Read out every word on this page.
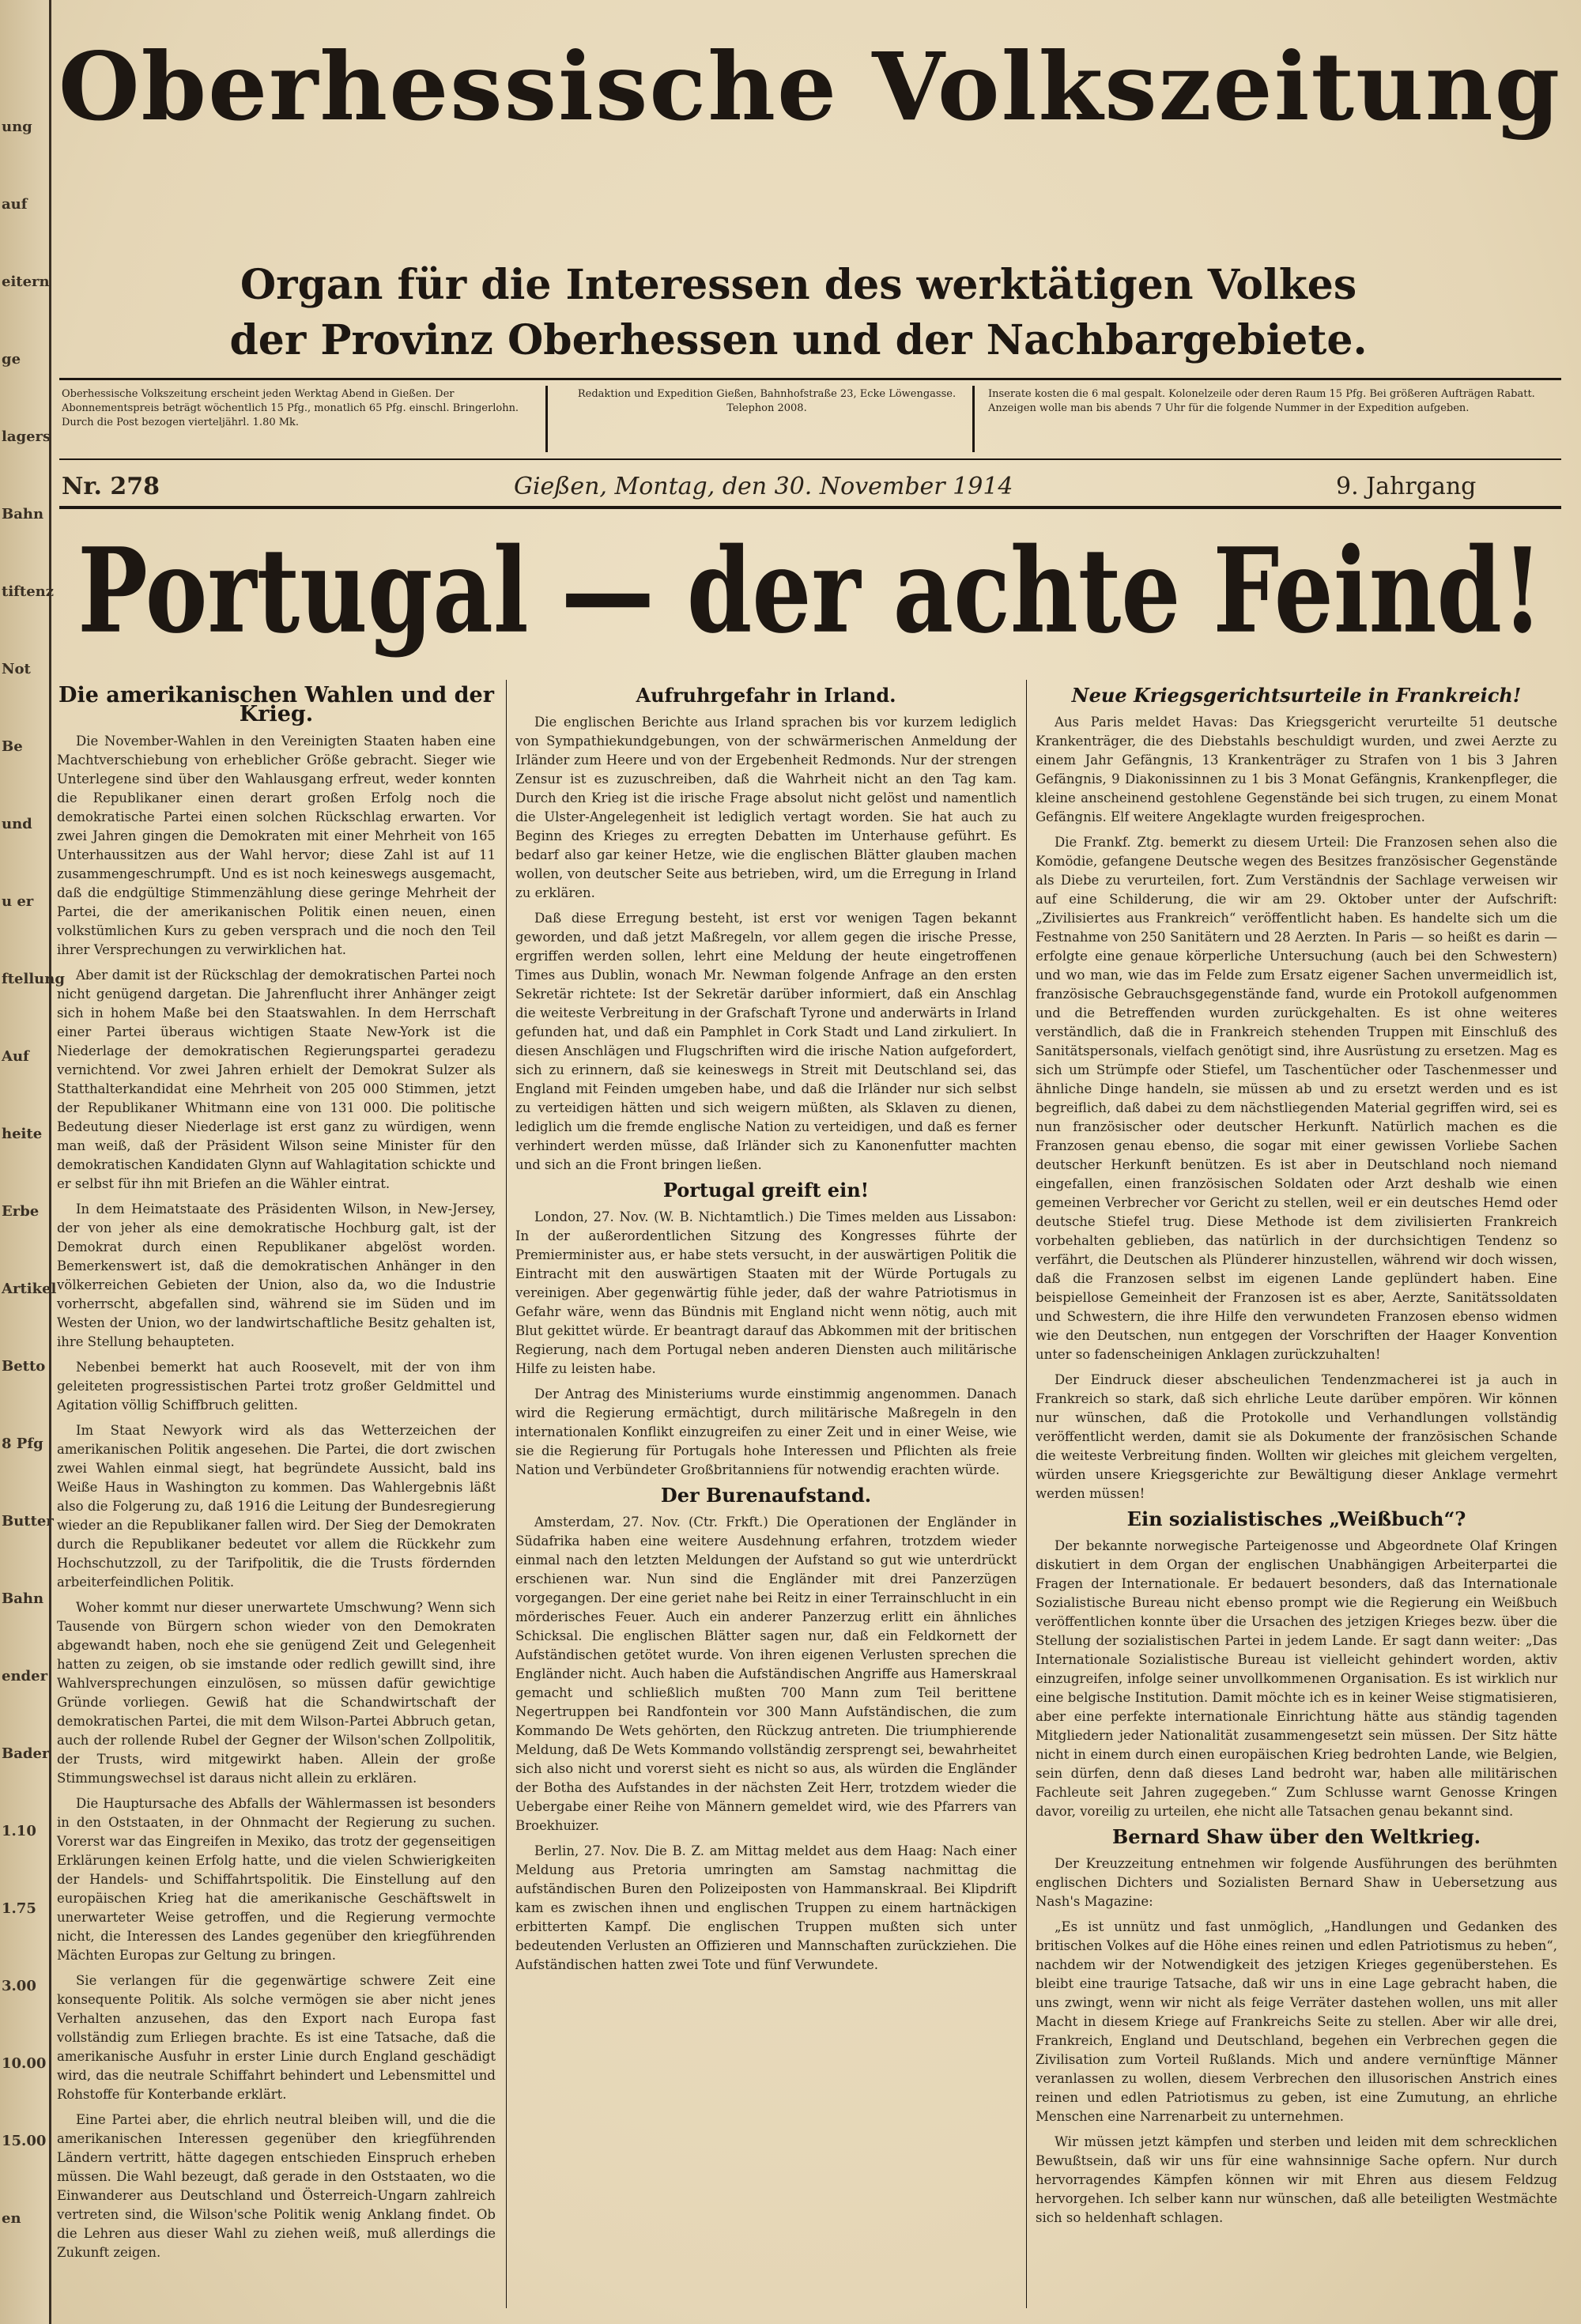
ung
auf
eitern
ge
lagers
Bahn
tiftenz
Not
Be
und
u er
ftellung
Auf
heite
Erbe
Artikel
Betto
8 Pfg
Butter
Bahn
ender
Bader
1.10
1.75
3.00
10.00
15.00
en
Oberhessische Volkszeitung
Organ für die Interessen des werktätigen Volkes
der Provinz Oberhessen und der Nachbargebiete.
Oberhessische Volkszeitung erscheint jeden Werktag Abend in Gießen. Der Abonnementspreis beträgt wöchentlich 15 Pfg., monatlich 65 Pfg. einschl. Bringerlohn. Durch die Post bezogen vierteljährl. 1.80 Mk.
Redaktion und Expedition Gießen, Bahnhofstraße 23, Ecke Löwengasse. Telephon 2008.
Inserate kosten die 6 mal gespalt. Kolonelzeile oder deren Raum 15 Pfg. Bei größeren Aufträgen Rabatt. Anzeigen wolle man bis abends 7 Uhr für die folgende Nummer in der Expedition aufgeben.
Nr. 278	Gießen, Montag, den 30. November 1914	9. Jahrgang
Portugal — der achte Feind!
Die amerikanischen Wahlen und der Krieg.

Die November-Wahlen in den Vereinigten Staaten haben eine Machtverschiebung von erheblicher Größe gebracht. Sieger wie Unterlegene sind über den Wahlausgang erfreut, weder konnten die Republikaner einen derart großen Erfolg noch die demokratische Partei einen solchen Rückschlag erwarten. Vor zwei Jahren gingen die Demokraten mit einer Mehrheit von 165 Unterhaussitzen aus der Wahl hervor; diese Zahl ist auf 11 zusammengeschrumpft. Und es ist noch keineswegs ausgemacht, daß die endgültige Stimmenzählung diese geringe Mehrheit der Partei, die der amerikanischen Politik einen neuen, einen volkstümlichen Kurs zu geben versprach und die noch den Teil ihrer Versprechungen zu verwirklichen hat.

Aber damit ist der Rückschlag der demokratischen Partei noch nicht genügend dargetan. Die Jahrenflucht ihrer Anhänger zeigt sich in hohem Maße bei den Staatswahlen. In dem Herrschaft einer Partei überaus wichtigen Staate New-York ist die Niederlage der demokratischen Regierungspartei geradezu vernichtend. Vor zwei Jahren erhielt der Demokrat Sulzer als Statthalterkandidat eine Mehrheit von 205 000 Stimmen, jetzt der Republikaner Whitmann eine von 131 000. Die politische Bedeutung dieser Niederlage ist erst ganz zu würdigen, wenn man weiß, daß der Präsident Wilson seine Minister für den demokratischen Kandidaten Glynn auf Wahlagitation schickte und er selbst für ihn mit Briefen an die Wähler eintrat.

In dem Heimatstaate des Präsidenten Wilson, in New-Jersey, der von jeher als eine demokratische Hochburg galt, ist der Demokrat durch einen Republikaner abgelöst worden. Bemerkenswert ist, daß die demokratischen Anhänger in den völkerreichen Gebieten der Union, also da, wo die Industrie vorherrscht, abgefallen sind, während sie im Süden und im Westen der Union, wo der landwirtschaftliche Besitz gehalten ist, ihre Stellung behaupteten.

Nebenbei bemerkt hat auch Roosevelt, mit der von ihm geleiteten progressistischen Partei trotz großer Geldmittel und Agitation völlig Schiffbruch gelitten.

Im Staat Newyork wird als das Wetterzeichen der amerikanischen Politik angesehen. Die Partei, die dort zwischen zwei Wahlen einmal siegt, hat begründete Aussicht, bald ins Weiße Haus in Washington zu kommen. Das Wahlergebnis läßt also die Folgerung zu, daß 1916 die Leitung der Bundesregierung wieder an die Republikaner fallen wird. Der Sieg der Demokraten durch die Republikaner bedeutet vor allem die Rückkehr zum Hochschutzzoll, zu der Tarifpolitik, die die Trusts fördernden arbeiterfeindlichen Politik.

Woher kommt nur dieser unerwartete Umschwung? Wenn sich Tausende von Bürgern schon wieder von den Demokraten abgewandt haben, noch ehe sie genügend Zeit und Gelegenheit hatten zu zeigen, ob sie imstande oder redlich gewillt sind, ihre Wahlversprechungen einzulösen, so müssen dafür gewichtige Gründe vorliegen. Gewiß hat die Schandwirtschaft der demokratischen Partei, die mit dem Wilson-Partei Abbruch getan, auch der rollende Rubel der Gegner der Wilson'schen Zollpolitik, der Trusts, wird mitgewirkt haben. Allein der große Stimmungswechsel ist daraus nicht allein zu erklären.

Die Hauptursache des Abfalls der Wählermassen ist besonders in den Oststaaten, in der Ohnmacht der Regierung zu suchen. Vorerst war das Eingreifen in Mexiko, das trotz der gegenseitigen Erklärungen keinen Erfolg hatte, und die vielen Schwierigkeiten der Handels- und Schiffahrtspolitik. Die Einstellung auf den europäischen Krieg hat die amerikanische Geschäftswelt in unerwarteter Weise getroffen, und die Regierung vermochte nicht, die Interessen des Landes gegenüber den kriegführenden Mächten Europas zur Geltung zu bringen.

Sie verlangen für die gegenwärtige schwere Zeit eine konsequente Politik. Als solche vermögen sie aber nicht jenes Verhalten anzusehen, das den Export nach Europa fast vollständig zum Erliegen brachte. Es ist eine Tatsache, daß die amerikanische Ausfuhr in erster Linie durch England geschädigt wird, das die neutrale Schiffahrt behindert und Lebensmittel und Rohstoffe für Konterbande erklärt.

Eine Partei aber, die ehrlich neutral bleiben will, und die die amerikanischen Interessen gegenüber den kriegführenden Ländern vertritt, hätte dagegen entschieden Einspruch erheben müssen. Die Wahl bezeugt, daß gerade in den Oststaaten, wo die Einwanderer aus Deutschland und Österreich-Ungarn zahlreich vertreten sind, die Wilson'sche Politik wenig Anklang findet. Ob die Lehren aus dieser Wahl zu ziehen weiß, muß allerdings die Zukunft zeigen.

Aufruhrgefahr in Irland.

Die englischen Berichte aus Irland sprachen bis vor kurzem lediglich von Sympathiekundgebungen, von der schwärmerischen Anmeldung der Irländer zum Heere und von der Ergebenheit Redmonds. Nur der strengen Zensur ist es zuzuschreiben, daß die Wahrheit nicht an den Tag kam. Durch den Krieg ist die irische Frage absolut nicht gelöst und namentlich die Ulster-Angelegenheit ist lediglich vertagt worden. Sie hat auch zu Beginn des Krieges zu erregten Debatten im Unterhause geführt. Es bedarf also gar keiner Hetze, wie die englischen Blätter glauben machen wollen, von deutscher Seite aus betrieben, wird, um die Erregung in Irland zu erklären.

Daß diese Erregung besteht, ist erst vor wenigen Tagen bekannt geworden, und daß jetzt Maßregeln, vor allem gegen die irische Presse, ergriffen werden sollen, lehrt eine Meldung der heute eingetroffenen Times aus Dublin, wonach Mr. Newman folgende Anfrage an den ersten Sekretär richtete: Ist der Sekretär darüber informiert, daß ein Anschlag die weiteste Verbreitung in der Grafschaft Tyrone und anderwärts in Irland gefunden hat, und daß ein Pamphlet in Cork Stadt und Land zirkuliert. In diesen Anschlägen und Flugschriften wird die irische Nation aufgefordert, sich zu erinnern, daß sie keineswegs in Streit mit Deutschland sei, das England mit Feinden umgeben habe, und daß die Irländer nur sich selbst zu verteidigen hätten und sich weigern müßten, als Sklaven zu dienen, lediglich um die fremde englische Nation zu verteidigen, und daß es ferner verhindert werden müsse, daß Irländer sich zu Kanonenfutter machten und sich an die Front bringen ließen.

Portugal greift ein!

London, 27. Nov. (W. B. Nichtamtlich.) Die Times melden aus Lissabon: In der außerordentlichen Sitzung des Kongresses führte der Premierminister aus, er habe stets versucht, in der auswärtigen Politik die Eintracht mit den auswärtigen Staaten mit der Würde Portugals zu vereinigen. Aber gegenwärtig fühle jeder, daß der wahre Patriotismus in Gefahr wäre, wenn das Bündnis mit England nicht wenn nötig, auch mit Blut gekittet würde. Er beantragt darauf das Abkommen mit der britischen Regierung, nach dem Portugal neben anderen Diensten auch militärische Hilfe zu leisten habe.

Der Antrag des Ministeriums wurde einstimmig angenommen. Danach wird die Regierung ermächtigt, durch militärische Maßregeln in den internationalen Konflikt einzugreifen zu einer Zeit und in einer Weise, wie sie die Regierung für Portugals hohe Interessen und Pflichten als freie Nation und Verbündeter Großbritanniens für notwendig erachten würde.

Der Burenaufstand.

Amsterdam, 27. Nov. (Ctr. Frkft.) Die Operationen der Engländer in Südafrika haben eine weitere Ausdehnung erfahren, trotzdem wieder einmal nach den letzten Meldungen der Aufstand so gut wie unterdrückt erschienen war. Nun sind die Engländer mit drei Panzerzügen vorgegangen. Der eine geriet nahe bei Reitz in einer Terrainschlucht in ein mörderisches Feuer. Auch ein anderer Panzerzug erlitt ein ähnliches Schicksal. Die englischen Blätter sagen nur, daß ein Feldkornett der Aufständischen getötet wurde. Von ihren eigenen Verlusten sprechen die Engländer nicht. Auch haben die Aufständischen Angriffe aus Hamerskraal gemacht und schließlich mußten 700 Mann zum Teil berittene Negertruppen bei Randfontein vor 300 Mann Aufständischen, die zum Kommando De Wets gehörten, den Rückzug antreten. Die triumphierende Meldung, daß De Wets Kommando vollständig zersprengt sei, bewahrheitet sich also nicht und vorerst sieht es nicht so aus, als würden die Engländer der Botha des Aufstandes in der nächsten Zeit Herr, trotzdem wieder die Uebergabe einer Reihe von Männern gemeldet wird, wie des Pfarrers van Broekhuizer.

Berlin, 27. Nov. Die B. Z. am Mittag meldet aus dem Haag: Nach einer Meldung aus Pretoria umringten am Samstag nachmittag die aufständischen Buren den Polizeiposten von Hammanskraal. Bei Klipdrift kam es zwischen ihnen und englischen Truppen zu einem hartnäckigen erbitterten Kampf. Die englischen Truppen mußten sich unter bedeutenden Verlusten an Offizieren und Mannschaften zurückziehen. Die Aufständischen hatten zwei Tote und fünf Verwundete.

Neue Kriegsgerichtsurteile in Frankreich!

Aus Paris meldet Havas: Das Kriegsgericht verurteilte 51 deutsche Krankenträger, die des Diebstahls beschuldigt wurden, und zwei Aerzte zu einem Jahr Gefängnis, 13 Krankenträger zu Strafen von 1 bis 3 Jahren Gefängnis, 9 Diakonissinnen zu 1 bis 3 Monat Gefängnis, Krankenpfleger, die kleine anscheinend gestohlene Gegenstände bei sich trugen, zu einem Monat Gefängnis. Elf weitere Angeklagte wurden freigesprochen.

Die Frankf. Ztg. bemerkt zu diesem Urteil: Die Franzosen sehen also die Komödie, gefangene Deutsche wegen des Besitzes französischer Gegenstände als Diebe zu verurteilen, fort. Zum Verständnis der Sachlage verweisen wir auf eine Schilderung, die wir am 29. Oktober unter der Aufschrift: „Zivilisiertes aus Frankreich“ veröffentlicht haben. Es handelte sich um die Festnahme von 250 Sanitätern und 28 Aerzten. In Paris — so heißt es darin — erfolgte eine genaue körperliche Untersuchung (auch bei den Schwestern) und wo man, wie das im Felde zum Ersatz eigener Sachen unvermeidlich ist, französische Gebrauchsgegenstände fand, wurde ein Protokoll aufgenommen und die Betreffenden wurden zurückgehalten. Es ist ohne weiteres verständlich, daß die in Frankreich stehenden Truppen mit Einschluß des Sanitätspersonals, vielfach genötigt sind, ihre Ausrüstung zu ersetzen. Mag es sich um Strümpfe oder Stiefel, um Taschentücher oder Taschenmesser und ähnliche Dinge handeln, sie müssen ab und zu ersetzt werden und es ist begreiflich, daß dabei zu dem nächstliegenden Material gegriffen wird, sei es nun französischer oder deutscher Herkunft. Natürlich machen es die Franzosen genau ebenso, die sogar mit einer gewissen Vorliebe Sachen deutscher Herkunft benützen. Es ist aber in Deutschland noch niemand eingefallen, einen französischen Soldaten oder Arzt deshalb wie einen gemeinen Verbrecher vor Gericht zu stellen, weil er ein deutsches Hemd oder deutsche Stiefel trug. Diese Methode ist dem zivilisierten Frankreich vorbehalten geblieben, das natürlich in der durchsichtigen Tendenz so verfährt, die Deutschen als Plünderer hinzustellen, während wir doch wissen, daß die Franzosen selbst im eigenen Lande geplündert haben. Eine beispiellose Gemeinheit der Franzosen ist es aber, Aerzte, Sanitätssoldaten und Schwestern, die ihre Hilfe den verwundeten Franzosen ebenso widmen wie den Deutschen, nun entgegen der Vorschriften der Haager Konvention unter so fadenscheinigen Anklagen zurückzuhalten!

Der Eindruck dieser abscheulichen Tendenzmacherei ist ja auch in Frankreich so stark, daß sich ehrliche Leute darüber empören. Wir können nur wünschen, daß die Protokolle und Verhandlungen vollständig veröffentlicht werden, damit sie als Dokumente der französischen Schande die weiteste Verbreitung finden. Wollten wir gleiches mit gleichem vergelten, würden unsere Kriegsgerichte zur Bewältigung dieser Anklage vermehrt werden müssen!

Ein sozialistisches „Weißbuch“?

Der bekannte norwegische Parteigenosse und Abgeordnete Olaf Kringen diskutiert in dem Organ der englischen Unabhängigen Arbeiterpartei die Fragen der Internationale. Er bedauert besonders, daß das Internationale Sozialistische Bureau nicht ebenso prompt wie die Regierung ein Weißbuch veröffentlichen konnte über die Ursachen des jetzigen Krieges bezw. über die Stellung der sozialistischen Partei in jedem Lande. Er sagt dann weiter: „Das Internationale Sozialistische Bureau ist vielleicht gehindert worden, aktiv einzugreifen, infolge seiner unvollkommenen Organisation. Es ist wirklich nur eine belgische Institution. Damit möchte ich es in keiner Weise stigmatisieren, aber eine perfekte internationale Einrichtung hätte aus ständig tagenden Mitgliedern jeder Nationalität zusammengesetzt sein müssen. Der Sitz hätte nicht in einem durch einen europäischen Krieg bedrohten Lande, wie Belgien, sein dürfen, denn daß dieses Land bedroht war, haben alle militärischen Fachleute seit Jahren zugegeben.“ Zum Schlusse warnt Genosse Kringen davor, voreilig zu urteilen, ehe nicht alle Tatsachen genau bekannt sind.

Bernard Shaw über den Weltkrieg.

Der Kreuzzeitung entnehmen wir folgende Ausführungen des berühmten englischen Dichters und Sozialisten Bernard Shaw in Uebersetzung aus Nash's Magazine:

„Es ist unnütz und fast unmöglich, „Handlungen und Gedanken des britischen Volkes auf die Höhe eines reinen und edlen Patriotismus zu heben“, nachdem wir der Notwendigkeit des jetzigen Krieges gegenüberstehen. Es bleibt eine traurige Tatsache, daß wir uns in eine Lage gebracht haben, die uns zwingt, wenn wir nicht als feige Verräter dastehen wollen, uns mit aller Macht in diesem Kriege auf Frankreichs Seite zu stellen. Aber wir alle drei, Frankreich, England und Deutschland, begehen ein Verbrechen gegen die Zivilisation zum Vorteil Rußlands. Mich und andere vernünftige Männer veranlassen zu wollen, diesem Verbrechen den illusorischen Anstrich eines reinen und edlen Patriotismus zu geben, ist eine Zumutung, an ehrliche Menschen eine Narrenarbeit zu unternehmen.

Wir müssen jetzt kämpfen und sterben und leiden mit dem schrecklichen Bewußtsein, daß wir uns für eine wahnsinnige Sache opfern. Nur durch hervorragendes Kämpfen können wir mit Ehren aus diesem Feldzug hervorgehen. Ich selber kann nur wünschen, daß alle beteiligten Westmächte sich so heldenhaft schlagen.
